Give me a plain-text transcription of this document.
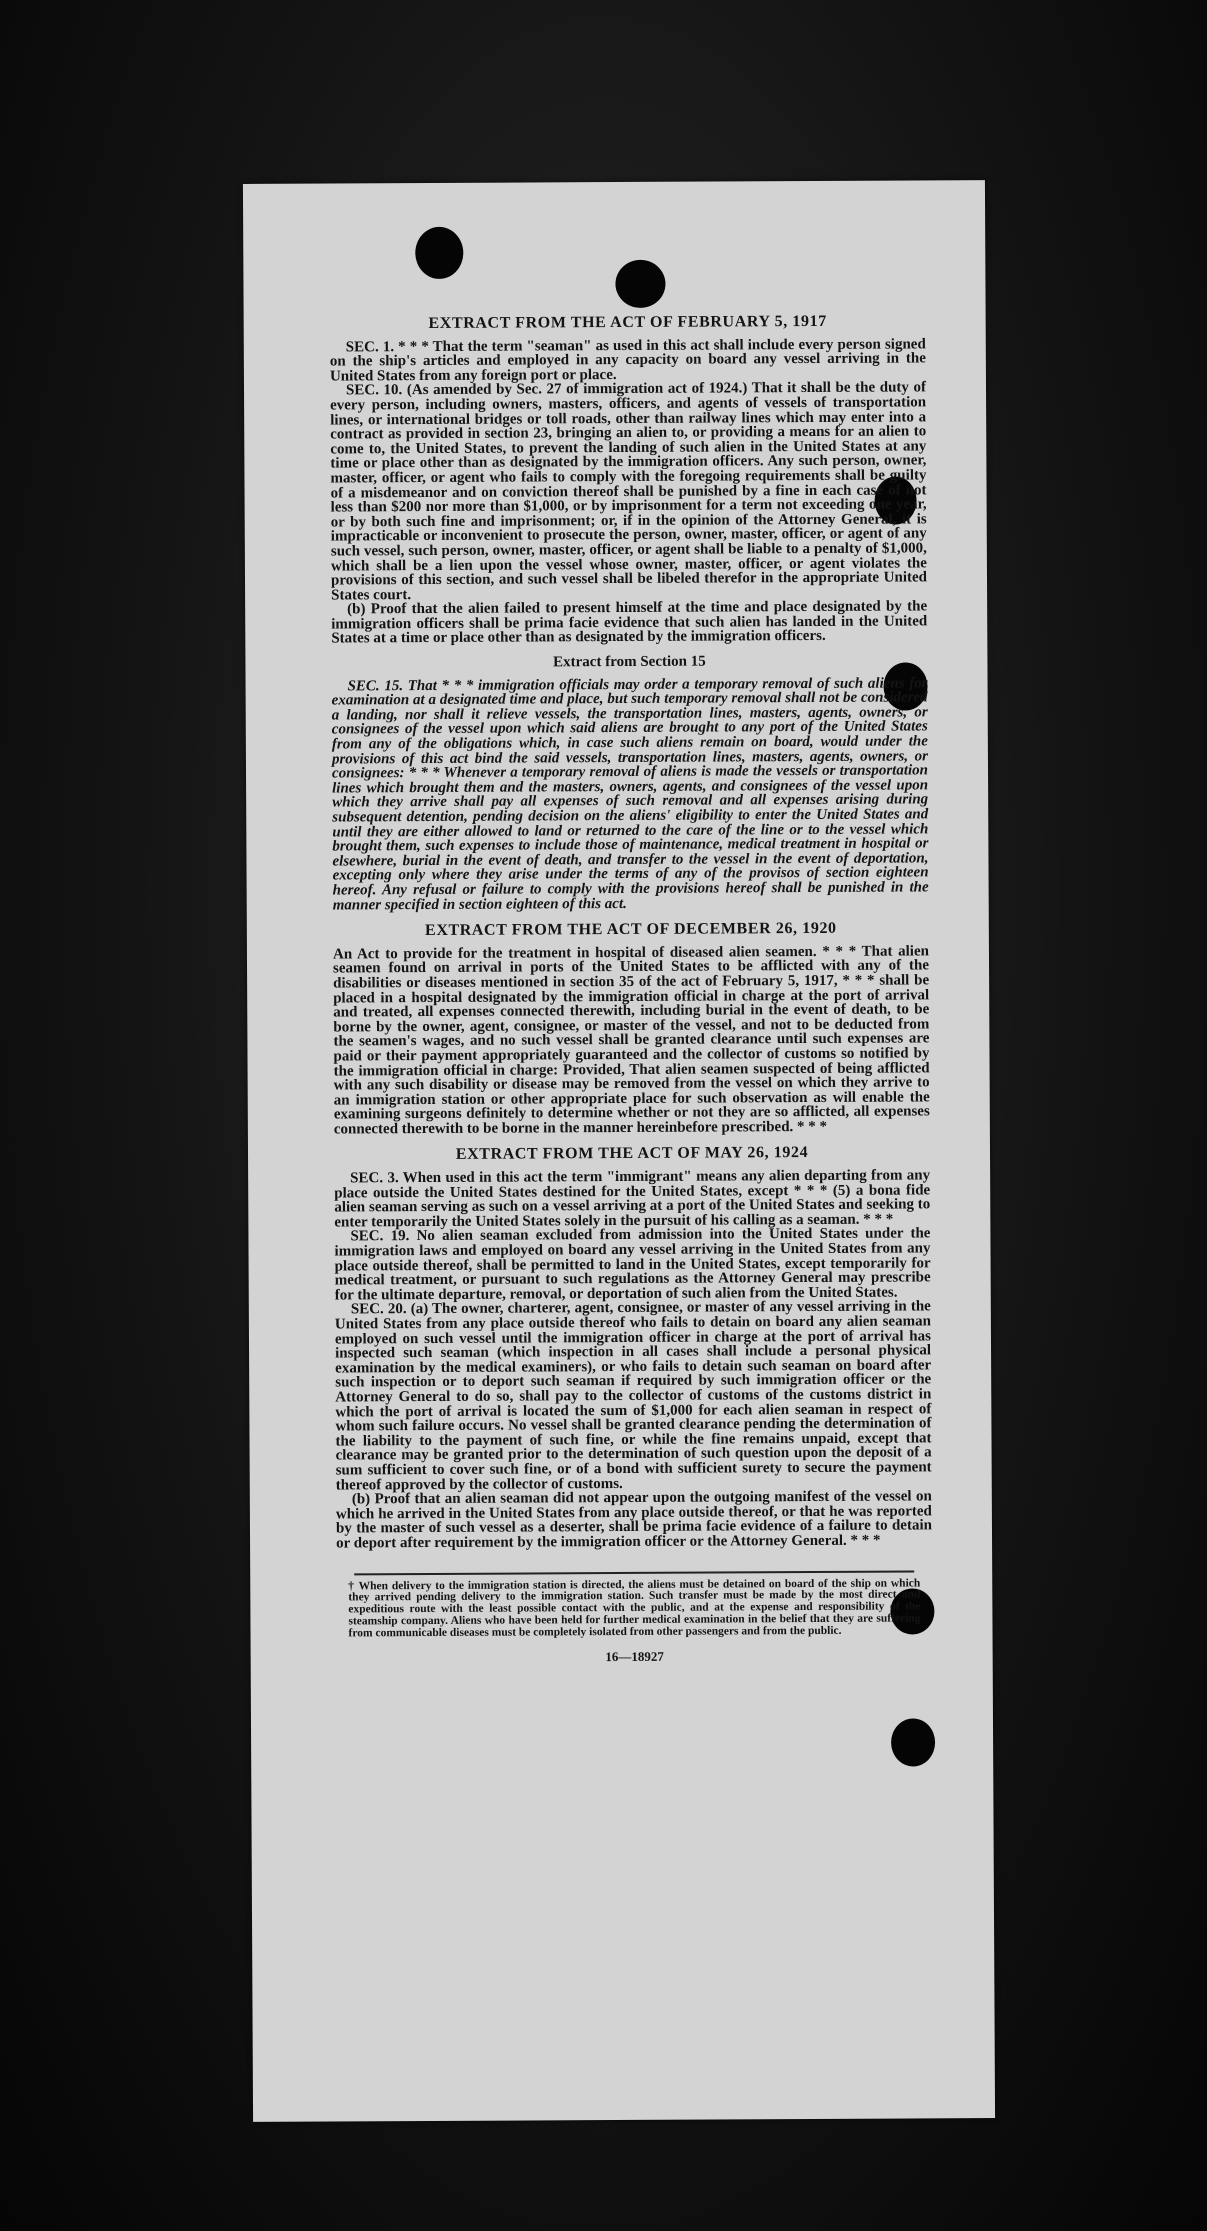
EXTRACT FROM THE ACT OF FEBRUARY 5, 1917

SEC. 1. * * * That the term "seaman" as used in this act shall include every person signed on the ship's articles and employed in any capacity on board any vessel arriving in the United States from any foreign port or place.

SEC. 10. (As amended by Sec. 27 of immigration act of 1924.) That it shall be the duty of every person, including owners, masters, officers, and agents of vessels of transportation lines, or international bridges or toll roads, other than railway lines which may enter into a contract as provided in section 23, bringing an alien to, or providing a means for an alien to come to, the United States, to prevent the landing of such alien in the United States at any time or place other than as designated by the immigration officers. Any such person, owner, master, officer, or agent who fails to comply with the foregoing requirements shall be guilty of a misdemeanor and on conviction thereof shall be punished by a fine in each case of not less than $200 nor more than $1,000, or by imprisonment for a term not exceeding one year, or by both such fine and imprisonment; or, if in the opinion of the Attorney General, it is impracticable or inconvenient to prosecute the person, owner, master, officer, or agent of any such vessel, such person, owner, master, officer, or agent shall be liable to a penalty of $1,000, which shall be a lien upon the vessel whose owner, master, officer, or agent violates the provisions of this section, and such vessel shall be libeled therefor in the appropriate United States court.

(b) Proof that the alien failed to present himself at the time and place designated by the immigration officers shall be prima facie evidence that such alien has landed in the United States at a time or place other than as designated by the immigration officers.

Extract from Section 15

SEC. 15. That * * * immigration officials may order a temporary removal of such aliens for examination at a designated time and place, but such temporary removal shall not be considered a landing, nor shall it relieve vessels, the transportation lines, masters, agents, owners, or consignees of the vessel upon which said aliens are brought to any port of the United States from any of the obligations which, in case such aliens remain on board, would under the provisions of this act bind the said vessels, transportation lines, masters, agents, owners, or consignees: * * * Whenever a temporary removal of aliens is made the vessels or transportation lines which brought them and the masters, owners, agents, and consignees of the vessel upon which they arrive shall pay all expenses of such removal and all expenses arising during subsequent detention, pending decision on the aliens' eligibility to enter the United States and until they are either allowed to land or returned to the care of the line or to the vessel which brought them, such expenses to include those of maintenance, medical treatment in hospital or elsewhere, burial in the event of death, and transfer to the vessel in the event of deportation, excepting only where they arise under the terms of any of the provisos of section eighteen hereof. Any refusal or failure to comply with the provisions hereof shall be punished in the manner specified in section eighteen of this act.

EXTRACT FROM THE ACT OF DECEMBER 26, 1920

An Act to provide for the treatment in hospital of diseased alien seamen. * * * That alien seamen found on arrival in ports of the United States to be afflicted with any of the disabilities or diseases mentioned in section 35 of the act of February 5, 1917, * * * shall be placed in a hospital designated by the immigration official in charge at the port of arrival and treated, all expenses connected therewith, including burial in the event of death, to be borne by the owner, agent, consignee, or master of the vessel, and not to be deducted from the seamen's wages, and no such vessel shall be granted clearance until such expenses are paid or their payment appropriately guaranteed and the collector of customs so notified by the immigration official in charge: Provided, That alien seamen suspected of being afflicted with any such disability or disease may be removed from the vessel on which they arrive to an immigration station or other appropriate place for such observation as will enable the examining surgeons definitely to determine whether or not they are so afflicted, all expenses connected therewith to be borne in the manner hereinbefore prescribed. * * *

EXTRACT FROM THE ACT OF MAY 26, 1924

SEC. 3. When used in this act the term "immigrant" means any alien departing from any place outside the United States destined for the United States, except * * * (5) a bona fide alien seaman serving as such on a vessel arriving at a port of the United States and seeking to enter temporarily the United States solely in the pursuit of his calling as a seaman. * * *

SEC. 19. No alien seaman excluded from admission into the United States under the immigration laws and employed on board any vessel arriving in the United States from any place outside thereof, shall be permitted to land in the United States, except temporarily for medical treatment, or pursuant to such regulations as the Attorney General may prescribe for the ultimate departure, removal, or deportation of such alien from the United States.

SEC. 20. (a) The owner, charterer, agent, consignee, or master of any vessel arriving in the United States from any place outside thereof who fails to detain on board any alien seaman employed on such vessel until the immigration officer in charge at the port of arrival has inspected such seaman (which inspection in all cases shall include a personal physical examination by the medical examiners), or who fails to detain such seaman on board after such inspection or to deport such seaman if required by such immigration officer or the Attorney General to do so, shall pay to the collector of customs of the customs district in which the port of arrival is located the sum of $1,000 for each alien seaman in respect of whom such failure occurs. No vessel shall be granted clearance pending the determination of the liability to the payment of such fine, or while the fine remains unpaid, except that clearance may be granted prior to the determination of such question upon the deposit of a sum sufficient to cover such fine, or of a bond with sufficient surety to secure the payment thereof approved by the collector of customs.

(b) Proof that an alien seaman did not appear upon the outgoing manifest of the vessel on which he arrived in the United States from any place outside thereof, or that he was reported by the master of such vessel as a deserter, shall be prima facie evidence of a failure to detain or deport after requirement by the immigration officer or the Attorney General. * * *

† When delivery to the immigration station is directed, the aliens must be detained on board of the ship on which they arrived pending delivery to the immigration station. Such transfer must be made by the most direct and expeditious route with the least possible contact with the public, and at the expense and responsibility of the steamship company. Aliens who have been held for further medical examination in the belief that they are suffering from communicable diseases must be completely isolated from other passengers and from the public.
16—18927
